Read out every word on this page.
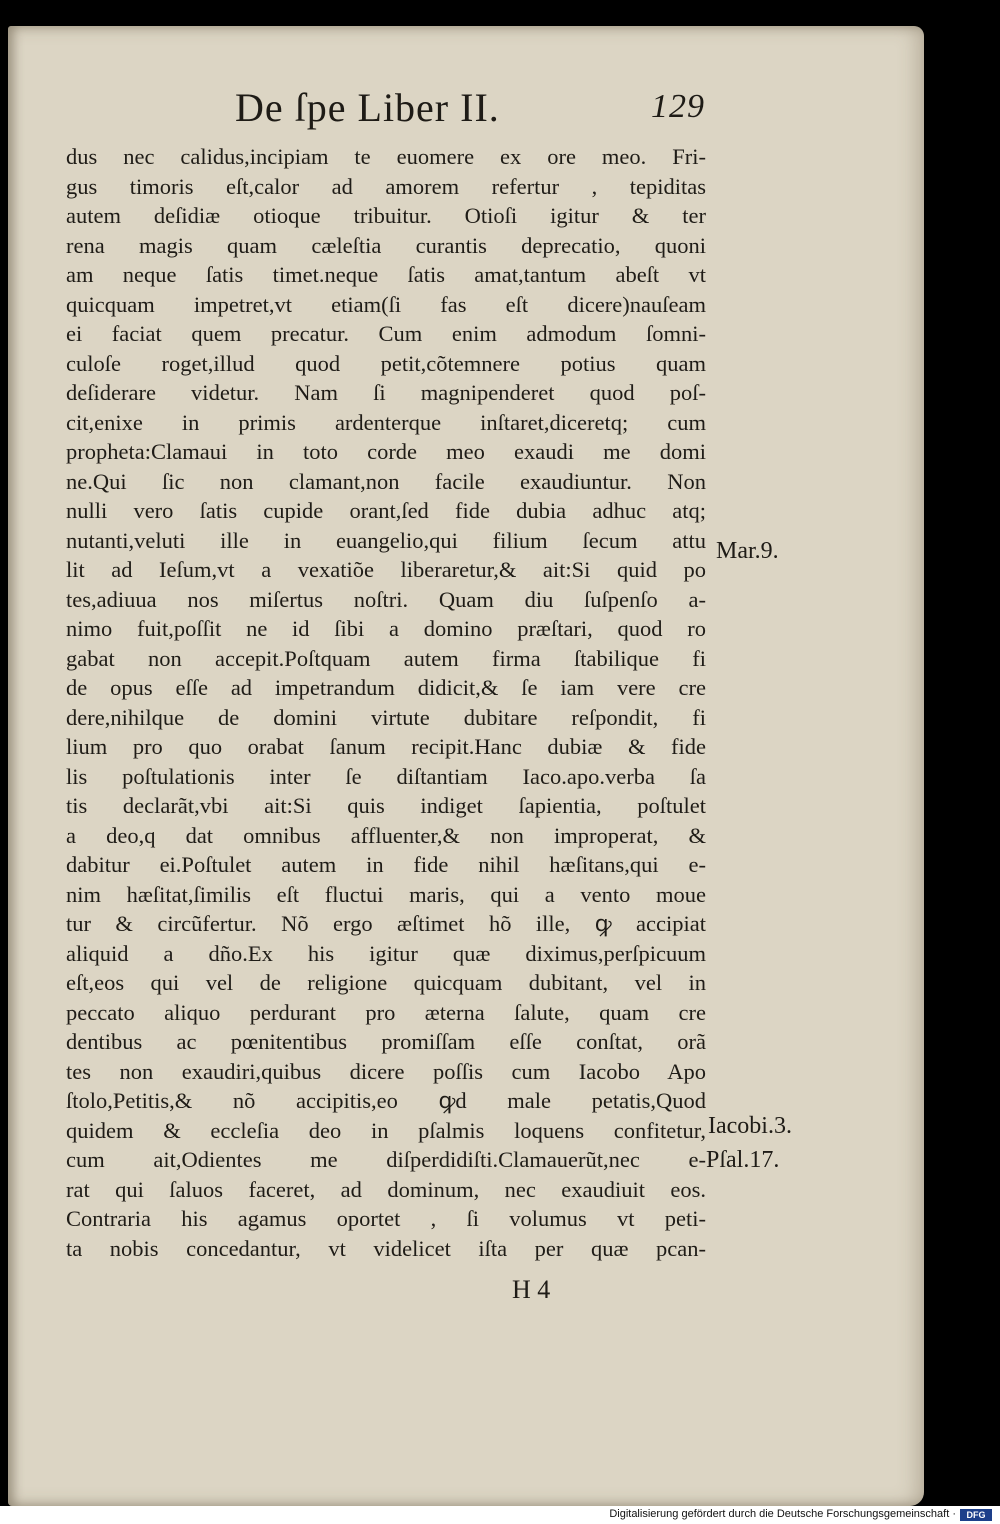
De ſpe Liber II.	129
dus nec calidus,incipiam te euomere ex ore meo. Fri-
gus timoris eſt,calor ad amorem refertur , tepiditas
autem deſidiæ otioque tribuitur. Otioſi igitur & ter
rena magis quam cæleſtia curantis deprecatio, quoni
am neque ſatis timet.neque ſatis amat,tantum abeſt vt
quicquam impetret,vt etiam(ſi fas eſt dicere)nauſeam
ei faciat quem precatur. Cum enim admodum ſomni-
culoſe roget,illud quod petit,cõtemnere potius quam
deſiderare videtur. Nam ſi magnipenderet quod poſ-
cit,enixe in primis ardenterque inſtaret,diceretq; cum
propheta:Clamaui in toto corde meo exaudi me domi
ne.Qui ſic non clamant,non facile exaudiuntur. Non
nulli vero ſatis cupide orant,ſed fide dubia adhuc atq;
nutanti,veluti ille in euangelio,qui filium ſecum attu
lit ad Ieſum,vt a vexatiõe liberaretur,& ait:Si quid po
tes,adiuua nos miſertus noſtri. Quam diu ſuſpenſo a-
nimo fuit,poſſit ne id ſibi a domino præſtari, quod ro
gabat non accepit.Poſtquam autem firma ſtabilique fi
de opus eſſe ad impetrandum didicit,& ſe iam vere cre
dere,nihilque de domini virtute dubitare reſpondit, fi
lium pro quo orabat ſanum recipit.Hanc dubiæ & fide
lis poſtulationis inter ſe diſtantiam Iaco.apo.verba ſa
tis declarãt,vbi ait:Si quis indiget ſapientia, poſtulet
a deo,q dat omnibus affluenter,& non improperat, &
dabitur ei.Poſtulet autem in fide nihil hæſitans,qui e-
nim hæſitat,ſimilis eſt fluctui maris, qui a vento moue
tur & circũfertur. Nõ ergo æſtimet hõ ille, ꝙ accipiat
aliquid a dño.Ex his igitur quæ diximus,perſpicuum
eſt,eos qui vel de religione quicquam dubitant, vel in
peccato aliquo perdurant pro æterna ſalute, quam cre
dentibus ac pœnitentibus promiſſam eſſe conſtat, orã
tes non exaudiri,quibus dicere poſſis cum Iacobo Apo
ſtolo,Petitis,& nõ accipitis,eo ꝙd male petatis,Quod
quidem & eccleſia deo in pſalmis loquens confitetur,
cum ait,Odientes me diſperdidiſti.Clamauerũt,nec e-
rat qui ſaluos faceret, ad dominum, nec exaudiuit eos.
Contraria his agamus oportet , ſi volumus vt peti-
ta nobis concedantur, vt videlicet iſta per quæ pcan-
Mar.9.
Iacobi.3.
Pſal.17.
H 4
Digitalisierung gefördert durch die Deutsche Forschungsgemeinschaft ·	DFG
